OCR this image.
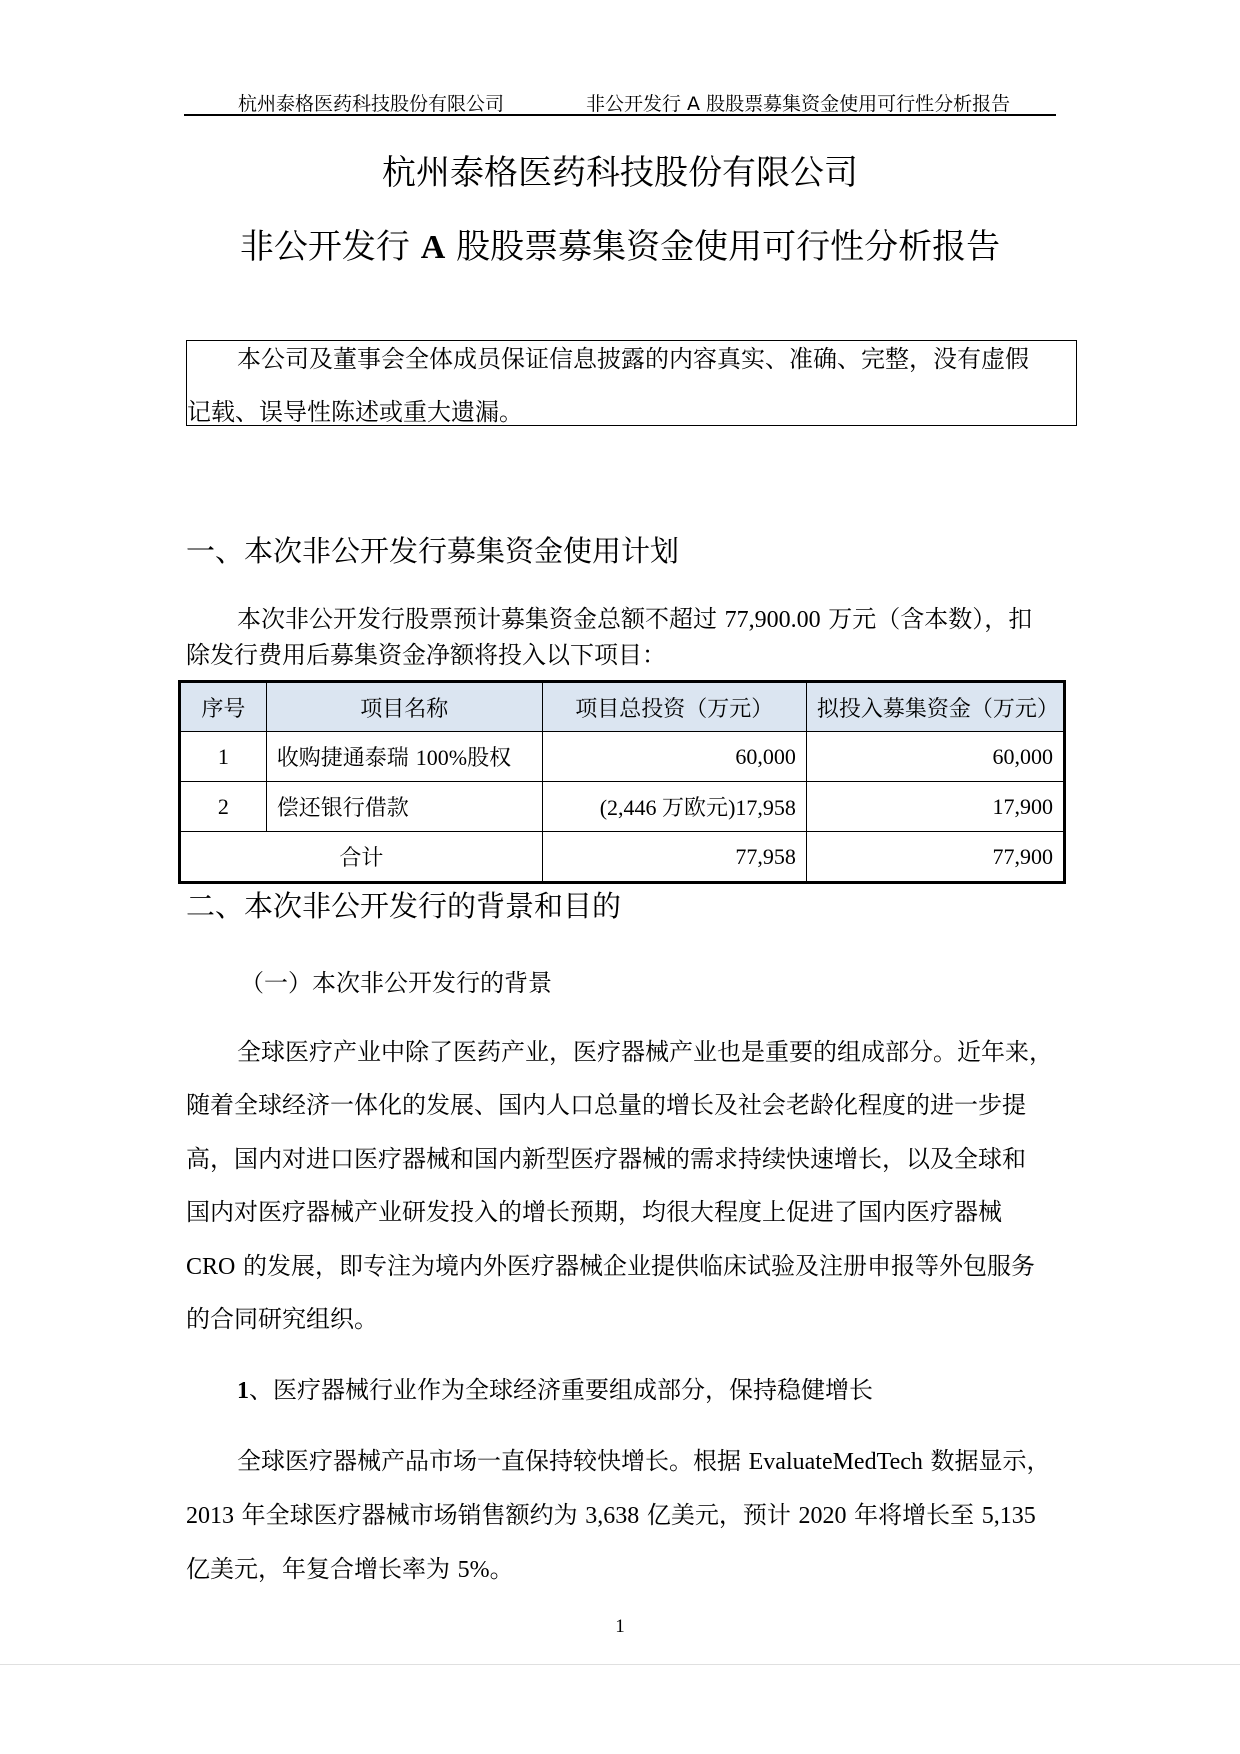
杭州泰格医药科技股份有限公司	非公开发行 A 股股票募集资金使用可行性分析报告
杭州泰格医药科技股份有限公司
非公开发行 A 股股票募集资金使用可行性分析报告
本公司及董事会全体成员保证信息披露的内容真实、准确、完整，没有虚假
记载、误导性陈述或重大遗漏。
一、本次非公开发行募集资金使用计划
本次非公开发行股票预计募集资金总额不超过 77,900.00 万元（含本数），扣
除发行费用后募集资金净额将投入以下项目：
序号	项目名称	项目总投资（万元）	拟投入募集资金（万元）
1	收购捷通泰瑞 100%股权	60,000	60,000
2	偿还银行借款	(2,446 万欧元)17,958	17,900
合计		77,958	77,900
二、本次非公开发行的背景和目的
（一）本次非公开发行的背景
全球医疗产业中除了医药产业，医疗器械产业也是重要的组成部分。近年来，
随着全球经济一体化的发展、国内人口总量的增长及社会老龄化程度的进一步提
高，国内对进口医疗器械和国内新型医疗器械的需求持续快速增长，以及全球和
国内对医疗器械产业研发投入的增长预期，均很大程度上促进了国内医疗器械
CRO 的发展，即专注为境内外医疗器械企业提供临床试验及注册申报等外包服务
的合同研究组织。
1、医疗器械行业作为全球经济重要组成部分，保持稳健增长
全球医疗器械产品市场一直保持较快增长。根据 EvaluateMedTech 数据显示，
2013 年全球医疗器械市场销售额约为 3,638 亿美元，预计 2020 年将增长至 5,135
亿美元，年复合增长率为 5%。
1
